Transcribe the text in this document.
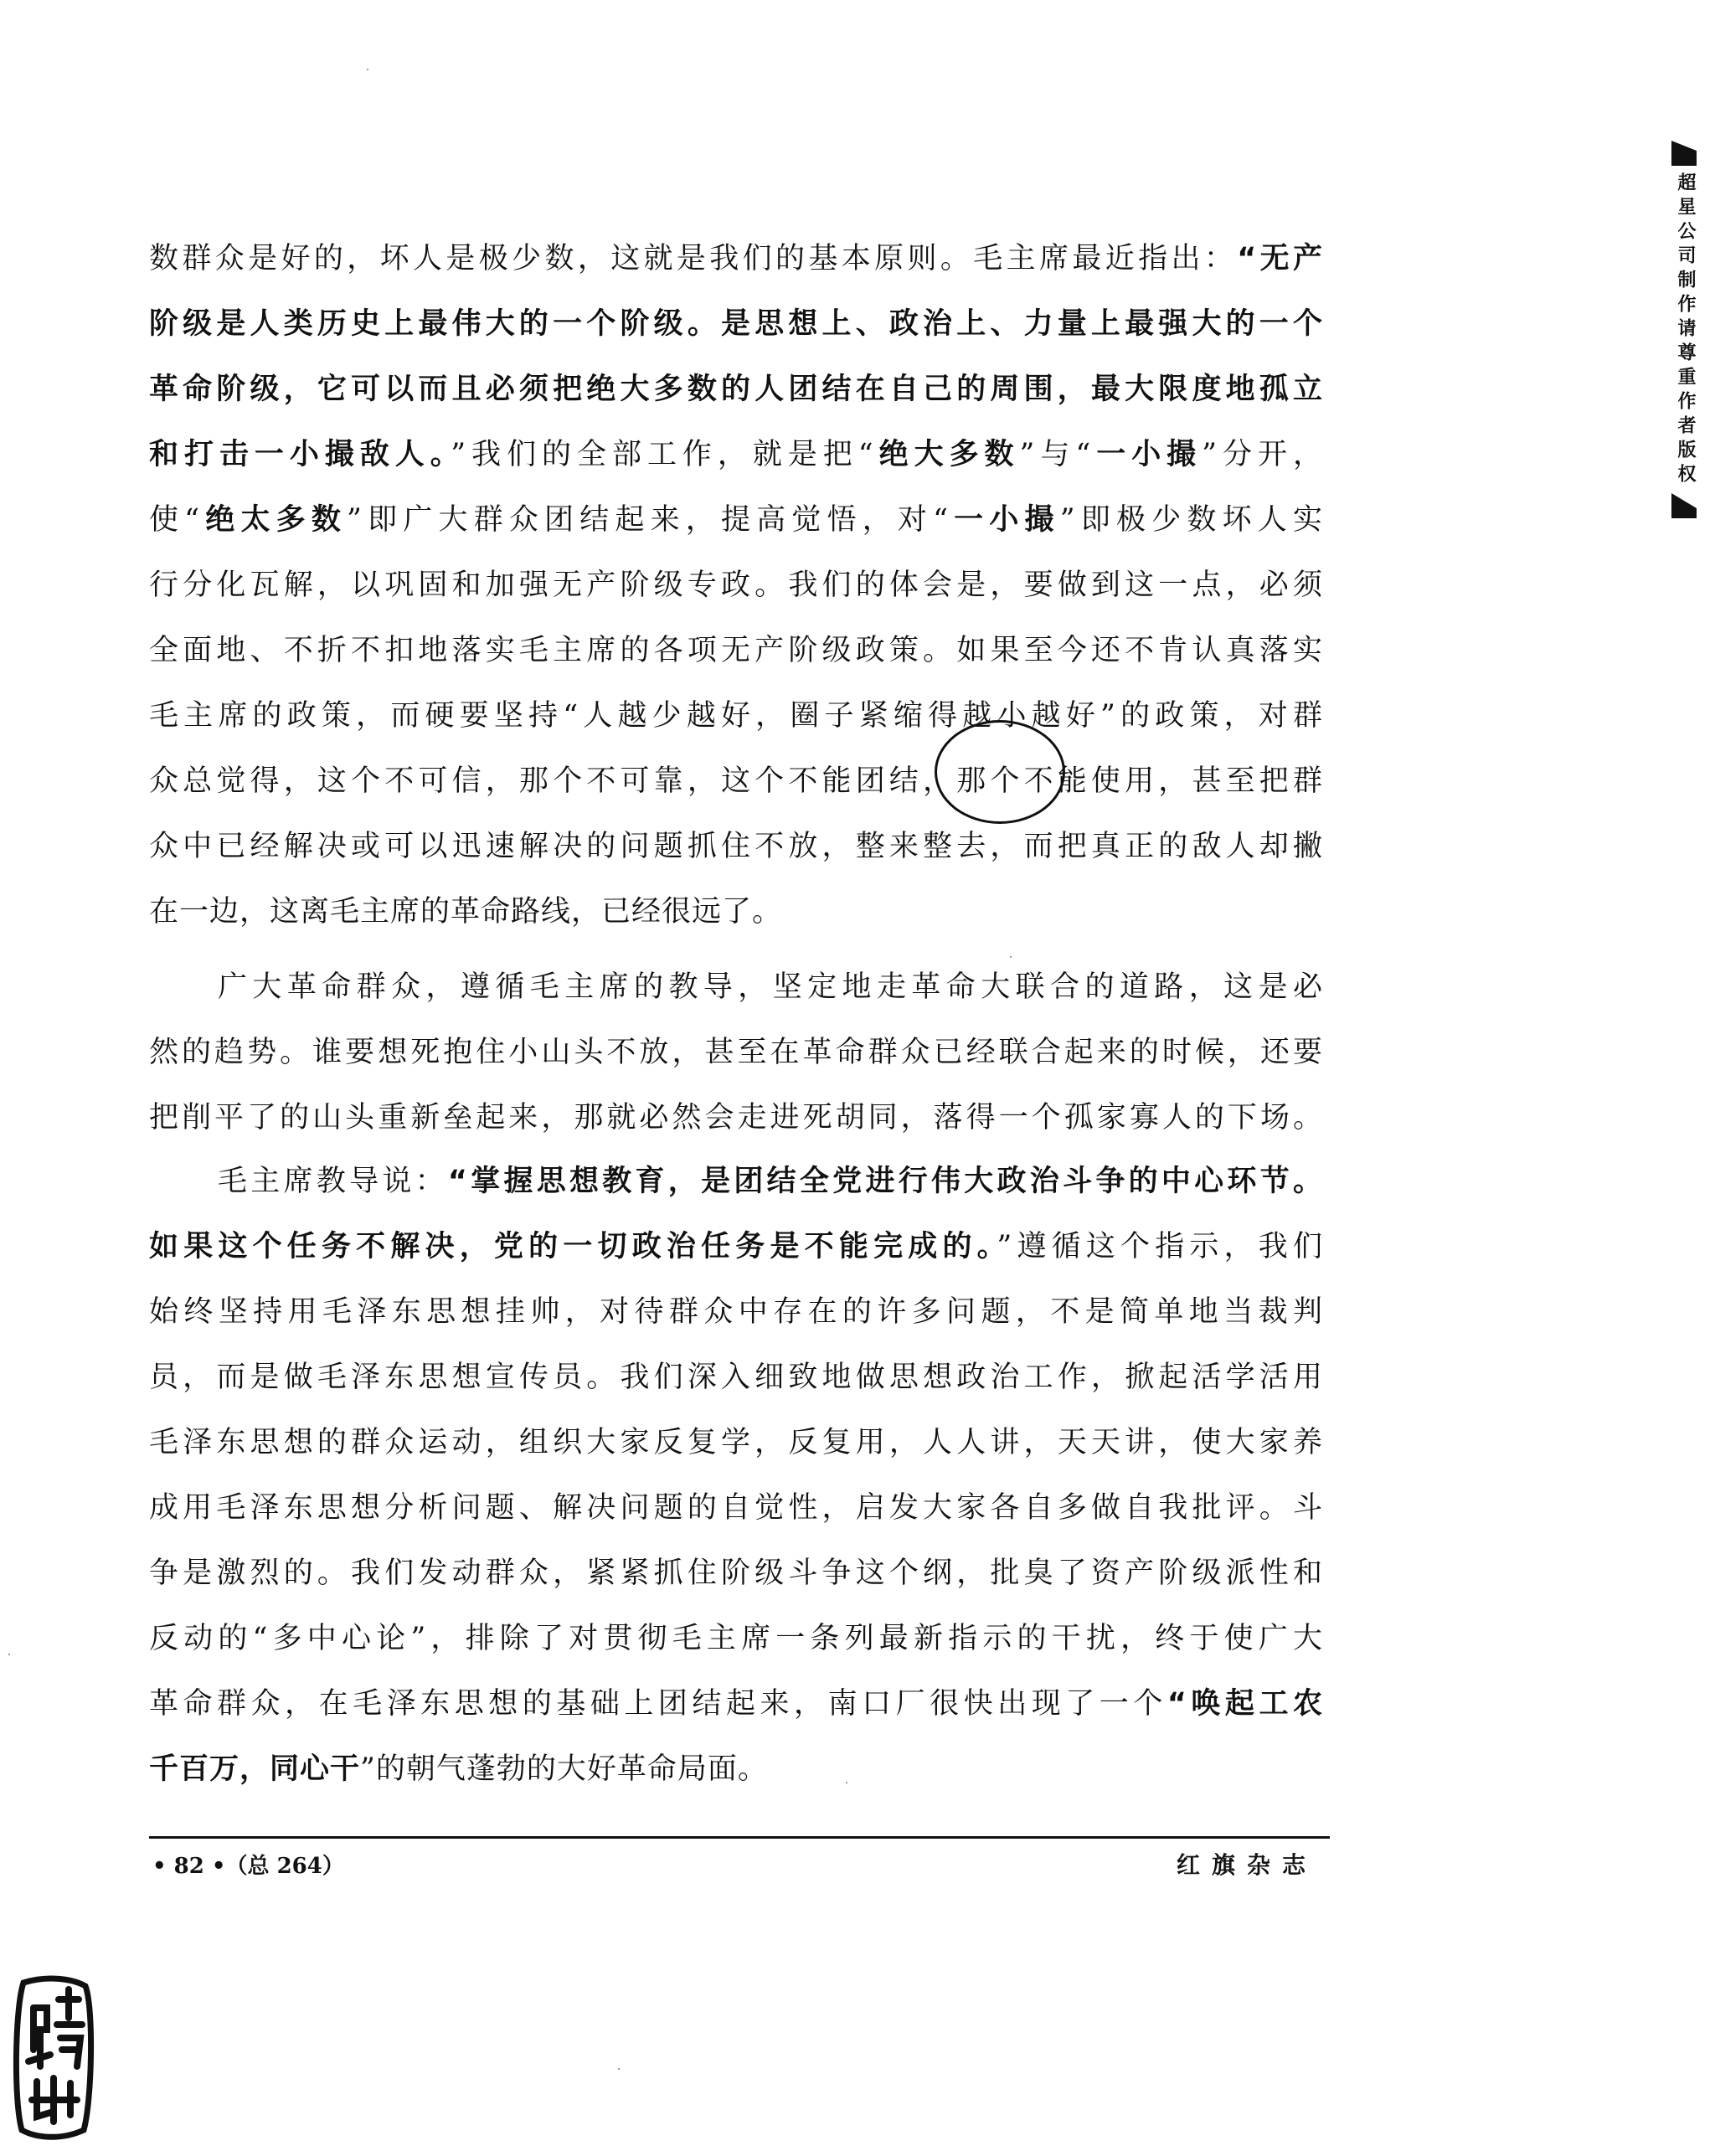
数群众是好的，坏人是极少数，这就是我们的基本原则。毛主席最近指出：“无产
阶级是人类历史上最伟大的一个阶级。是思想上、政治上、力量上最强大的一个
革命阶级，它可以而且必须把绝大多数的人团结在自己的周围，最大限度地孤立
和打击一小撮敌人。”我们的全部工作，就是把“绝大多数”与“一小撮”分开，
使“绝太多数”即广大群众团结起来，提高觉悟，对“一小撮”即极少数坏人实
行分化瓦解，以巩固和加强无产阶级专政。我们的体会是，要做到这一点，必须
全面地、不折不扣地落实毛主席的各项无产阶级政策。如果至今还不肯认真落实
毛主席的政策，而硬要坚持“人越少越好，圈子紧缩得越小越好”的政策，对群
众总觉得，这个不可信，那个不可靠，这个不能团结，那个不能使用，甚至把群
众中已经解决或可以迅速解决的问题抓住不放，整来整去，而把真正的敌人却撇
在一边，这离毛主席的革命路线，已经很远了。
广大革命群众，遵循毛主席的教导，坚定地走革命大联合的道路，这是必
然的趋势。谁要想死抱住小山头不放，甚至在革命群众已经联合起来的时候，还要
把削平了的山头重新垒起来，那就必然会走进死胡同，落得一个孤家寡人的下场。
毛主席教导说：“掌握思想教育，是团结全党进行伟大政治斗争的中心环节。
如果这个任务不解决，党的一切政治任务是不能完成的。”遵循这个指示，我们
始终坚持用毛泽东思想挂帅，对待群众中存在的许多问题，不是简单地当裁判
员，而是做毛泽东思想宣传员。我们深入细致地做思想政治工作，掀起活学活用
毛泽东思想的群众运动，组织大家反复学，反复用，人人讲，天天讲，使大家养
成用毛泽东思想分析问题、解决问题的自觉性，启发大家各自多做自我批评。斗
争是激烈的。我们发动群众，紧紧抓住阶级斗争这个纲，批臭了资产阶级派性和
反动的“多中心论”，排除了对贯彻毛主席一条列最新指示的干扰，终于使广大
革命群众，在毛泽东思想的基础上团结起来，南口厂很快出现了一个“唤起工农
千百万，同心干”的朝气蓬勃的大好革命局面。
• 82 •（总 264）	红旗杂志
超星公司制作请尊重作者版权
